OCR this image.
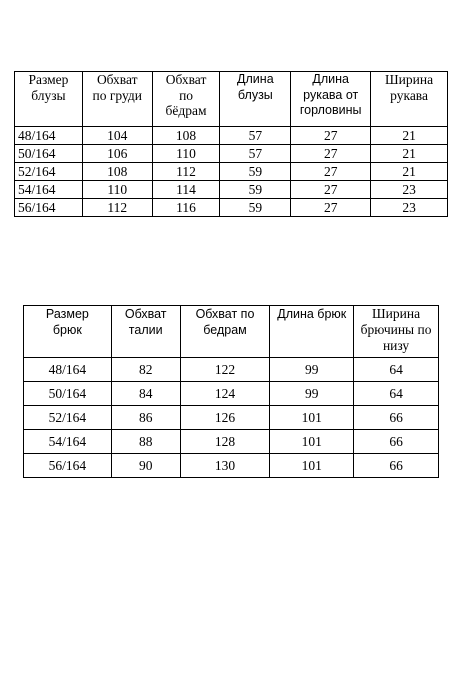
Размер
блузы	Обхват
по груди	Обхват
по
бёдрам	Длина
блузы	Длина
рукава от
горловины	Ширина
рукава

48/164	104	108	57	27	21
50/164	106	110	57	27	21
52/164	108	112	59	27	21
54/164	110	114	59	27	23
56/164	112	116	59	27	23
Размер
брюк	Обхват
талии	Обхват по
бедрам	Длина брюк	Ширина
брючины по
низу

48/164	82	122	99	64
50/164	84	124	99	64
52/164	86	126	101	66
54/164	88	128	101	66
56/164	90	130	101	66
